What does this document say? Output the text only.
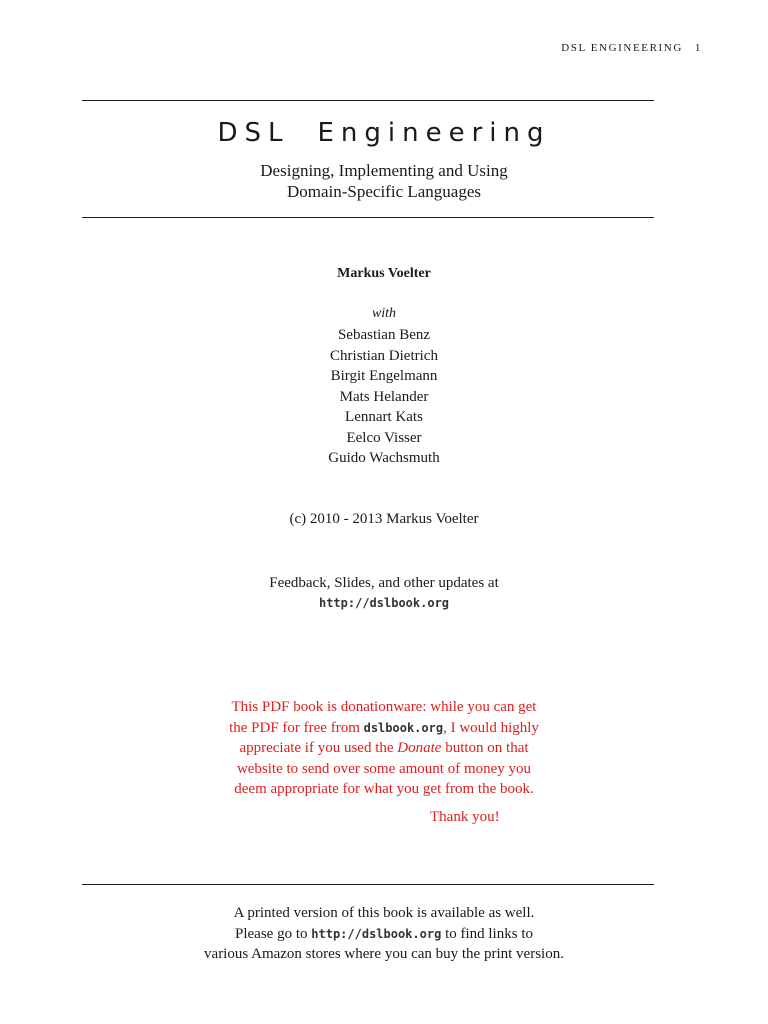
DSL ENGINEERING 1
DSL Engineering
Designing, Implementing and Using
Domain-Specific Languages
Markus Voelter
with
Sebastian Benz
Christian Dietrich
Birgit Engelmann
Mats Helander
Lennart Kats
Eelco Visser
Guido Wachsmuth
(c) 2010 - 2013 Markus Voelter
Feedback, Slides, and other updates at
http://dslbook.org
This PDF book is donationware: while you can get
the PDF for free from dslbook.org, I would highly
appreciate if you used the Donate button on that
website to send over some amount of money you
deem appropriate for what you get from the book.
Thank you!
A printed version of this book is available as well.
Please go to http://dslbook.org to find links to
various Amazon stores where you can buy the print version.
